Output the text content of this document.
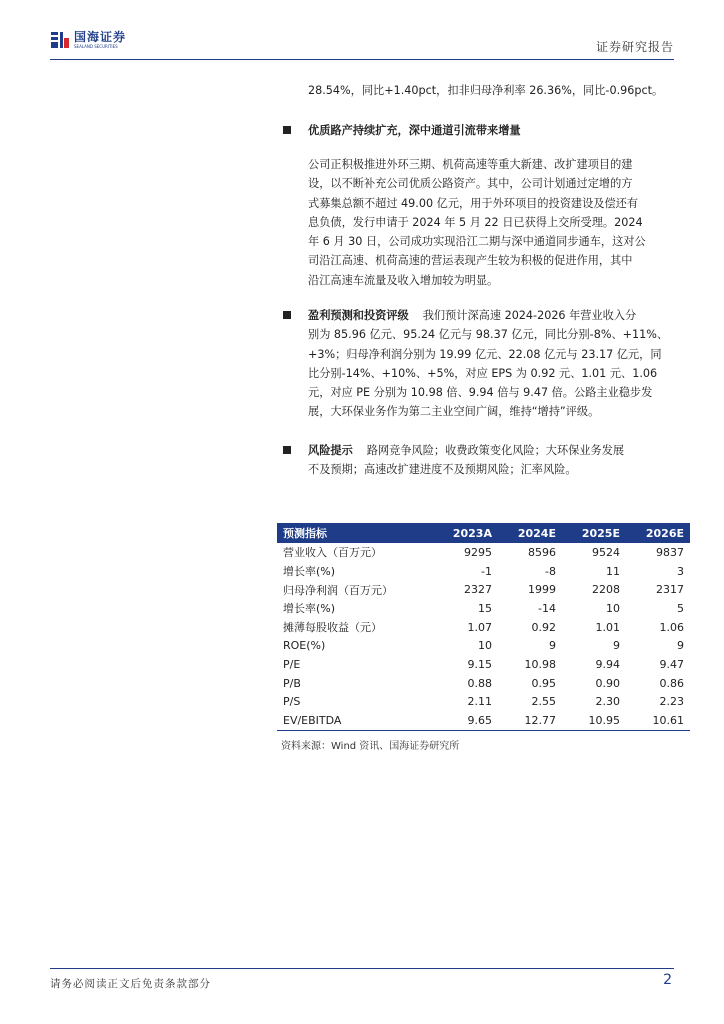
国海证券
SEALAND SECURITIES	证券研究报告

28.54%，同比+1.40pct，扣非归母净利率 26.36%，同比-0.96pct。

优质路产持续扩充，深中通道引流带来增量

公司正积极推进外环三期、机荷高速等重大新建、改扩建项目的建

设，以不断补充公司优质公路资产。其中，公司计划通过定增的方

式募集总额不超过 49.00 亿元，用于外环项目的投资建设及偿还有

息负债，发行申请于 2024 年 5 月 22 日已获得上交所受理。2024

年 6 月 30 日，公司成功实现沿江二期与深中通道同步通车，这对公

司沿江高速、机荷高速的营运表现产生较为积极的促进作用，其中

沿江高速车流量及收入增加较为明显。

盈利预测和投资评级 我们预计深高速 2024-2026 年营业收入分

别为 85.96 亿元、95.24 亿元与 98.37 亿元，同比分别-8%、+11%、

+3%；归母净利润分别为 19.99 亿元、22.08 亿元与 23.17 亿元，同

比分别-14%、+10%、+5%，对应 EPS 为 0.92 元、1.01 元、1.06

元，对应 PE 分别为 10.98 倍、9.94 倍与 9.47 倍。公路主业稳步发

展，大环保业务作为第二主业空间广阔，维持“增持”评级。

风险提示 路网竞争风险；收费政策变化风险；大环保业务发展

不及预期；高速改扩建进度不及预期风险；汇率风险。

预测指标	2023A	2024E	2025E	2026E
营业收入（百万元）	9295	8596	9524	9837
增长率(%)	-1	-8	11	3
归母净利润（百万元）	2327	1999	2208	2317
增长率(%)	15	-14	10	5
摊薄每股收益（元）	1.07	0.92	1.01	1.06
ROE(%)	10	9	9	9
P/E	9.15	10.98	9.94	9.47
P/B	0.88	0.95	0.90	0.86
P/S	2.11	2.55	2.30	2.23
EV/EBITDA	9.65	12.77	10.95	10.61
资料来源：Wind 资讯、国海证券研究所
请务必阅读正文后免责条款部分	2
